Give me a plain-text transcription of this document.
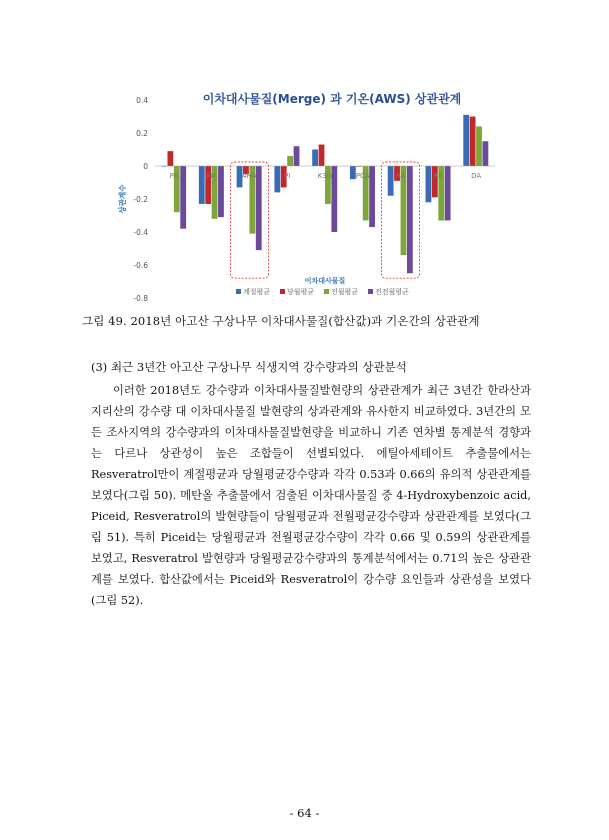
이차대사물질(Merge) 과 기온(AWS) 상관관계
0.4
0.2
0
-0.2
-0.4
-0.6
-0.8
상관계수
PA	MA	4HA	PI	K3G	PCA	RA	RE	DA
이차대사물질
계절평균 당월평균 전월평균 전전월평균
그림 49. 2018년 아고산 구상나무 이차대사물질(합산값)과 기온간의 상관관계
(3) 최근 3년간 아고산 구상나무 식생지역 강수량과의 상관분석

이러한 2018년도 강수량과 이차대사물질발현량의 상관관계가 최근 3년간 한라산과 지리산의 강수량 대 이차대사물질 발현량의 상과관계와 유사한지 비교하였다. 3년간의 모든 조사지역의 강수량과의 이차대사물질발현량을 비교하니 기존 연차별 통계분석 경향과는 다르나 상관성이 높은 조합들이 선별되었다. 에틸아세테이트 추출물에서는 Resveratrol만이 계절평균과 당월평균강수량과 각각 0.53과 0.66의 유의적 상관관계를 보였다(그림 50). 메탄올 추출물에서 검출된 이차대사물질 중 4-Hydroxybenzoic acid, Piceid, Resveratrol의 발현량들이 당월평균과 전월평균강수량과 상관관계를 보였다(그림 51). 특히 Piceid는 당월평균과 전월평균강수량이 각각 0.66 및 0.59의 상관관계를 보였고, Resveratrol 발현량과 당월평균강수량과의 통계분석에서는 0.71의 높은 상관관계를 보였다. 합산값에서는 Piceid와 Resveratrol이 강수량 요인들과 상관성을 보였다(그림 52).

- 64 -
